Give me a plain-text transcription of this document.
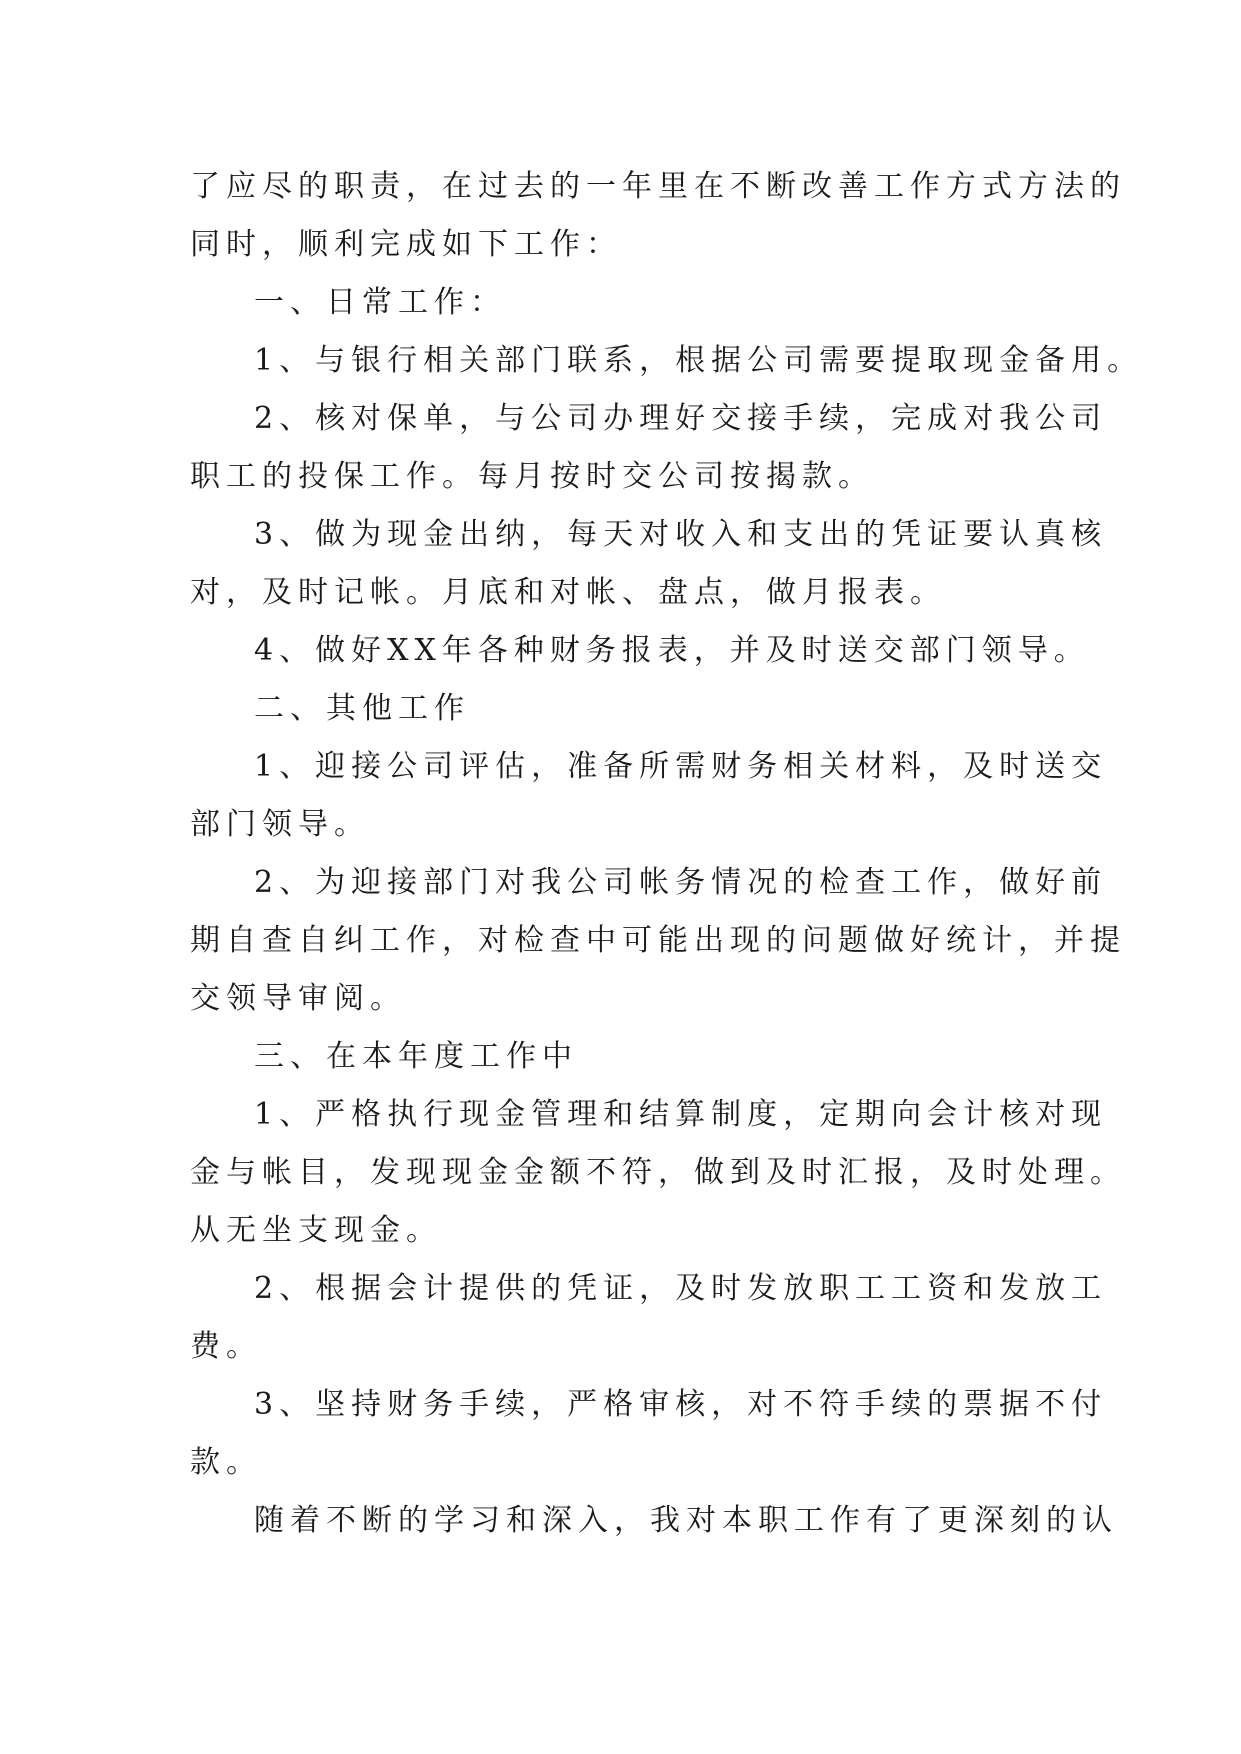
了应尽的职责，在过去的一年里在不断改善工作方式方法的
同时，顺利完成如下工作：
一、日常工作：
1、与银行相关部门联系，根据公司需要提取现金备用。
2、核对保单，与公司办理好交接手续，完成对我公司
职工的投保工作。每月按时交公司按揭款。
3、做为现金出纳，每天对收入和支出的凭证要认真核
对，及时记帐。月底和对帐、盘点，做月报表。
4、做好XX年各种财务报表，并及时送交部门领导。
二、其他工作
1、迎接公司评估，准备所需财务相关材料，及时送交
部门领导。
2、为迎接部门对我公司帐务情况的检查工作，做好前
期自查自纠工作，对检查中可能出现的问题做好统计，并提
交领导审阅。
三、在本年度工作中
1、严格执行现金管理和结算制度，定期向会计核对现
金与帐目，发现现金金额不符，做到及时汇报，及时处理。
从无坐支现金。
2、根据会计提供的凭证，及时发放职工工资和发放工
费。
3、坚持财务手续，严格审核，对不符手续的票据不付
款。
随着不断的学习和深入，我对本职工作有了更深刻的认
